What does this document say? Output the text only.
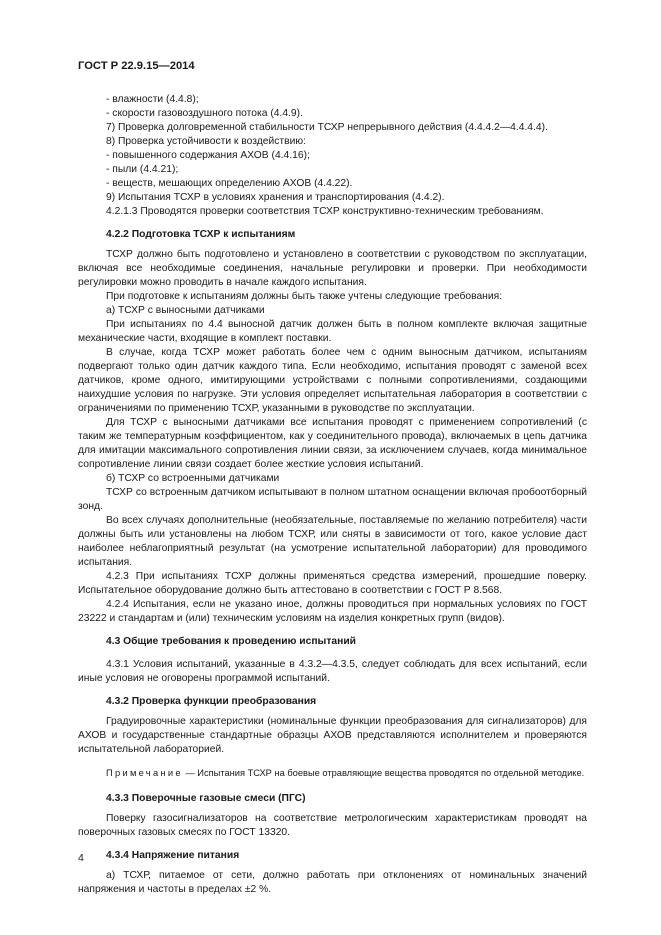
ГОСТ Р 22.9.15—2014

- влажности (4.4.8);

- скорости газовоздушного потока (4.4.9).

7) Проверка долговременной стабильности ТСХР непрерывного действия (4.4.4.2—4.4.4.4).

8) Проверка устойчивости к воздействию:

- повышенного содержания АХОВ (4.4.16);

- пыли (4.4.21);

- веществ, мешающих определению АХОВ (4.4.22).

9) Испытания ТСХР в условиях хранения и транспортирования (4.4.2).

4.2.1.3 Проводятся проверки соответствия ТСХР конструктивно-техническим требованиям.

4.2.2 Подготовка ТСХР к испытаниям

ТСХР должно быть подготовлено и установлено в соответствии с руководством по эксплуатации, включая все необходимые соединения, начальные регулировки и проверки. При необходимости регулировки можно проводить в начале каждого испытания.

При подготовке к испытаниям должны быть также учтены следующие требования:

а) ТСХР с выносными датчиками

При испытаниях по 4.4 выносной датчик должен быть в полном комплекте включая защитные механические части, входящие в комплект поставки.

В случае, когда ТСХР может работать более чем с одним выносным датчиком, испытаниям подвергают только один датчик каждого типа. Если необходимо, испытания проводят с заменой всех датчиков, кроме одного, имитирующими устройствами с полными сопротивлениями, создающими наихудшие условия по нагрузке. Эти условия определяет испытательная лаборатория в соответствии с ограничениями по применению ТСХР, указанными в руководстве по эксплуатации.

Для ТСХР с выносными датчиками все испытания проводят с применением сопротивлений (с таким же температурным коэффициентом, как у соединительного провода), включаемых в цепь датчика для имитации максимального сопротивления линии связи, за исключением случаев, когда минимальное сопротивление линии связи создает более жесткие условия испытаний.

б) ТСХР со встроенными датчиками

ТСХР со встроенным датчиком испытывают в полном штатном оснащении включая пробоотборный зонд.

Во всех случаях дополнительные (необязательные, поставляемые по желанию потребителя) части должны быть или установлены на любом ТСХР, или сняты в зависимости от того, какое условие даст наиболее неблагоприятный результат (на усмотрение испытательной лаборатории) для проводимого испытания.

4.2.3 При испытаниях ТСХР должны применяться средства измерений, прошедшие поверку. Испытательное оборудование должно быть аттестовано в соответствии с ГОСТ Р 8.568.

4.2.4 Испытания, если не указано иное, должны проводиться при нормальных условиях по ГОСТ 23222 и стандартам и (или) техническим условиям на изделия конкретных групп (видов).

4.3 Общие требования к проведению испытаний

4.3.1 Условия испытаний, указанные в 4.3.2—4.3.5, следует соблюдать для всех испытаний, если иные условия не оговорены программой испытаний.

4.3.2 Проверка функции преобразования

Градуировочные характеристики (номинальные функции преобразования для сигнализаторов) для АХОВ и государственные стандартные образцы АХОВ представляются исполнителем и проверяются испытательной лабораторией.

Примечание — Испытания ТСХР на боевые отравляющие вещества проводятся по отдельной методике.

4.3.3 Поверочные газовые смеси (ПГС)

Поверку газосигнализаторов на соответствие метрологическим характеристикам проводят на поверочных газовых смесях по ГОСТ 13320.

4.3.4 Напряжение питания

а) ТСХР, питаемое от сети, должно работать при отклонениях от номинальных значений напряжения и частоты в пределах ±2 %.

4
